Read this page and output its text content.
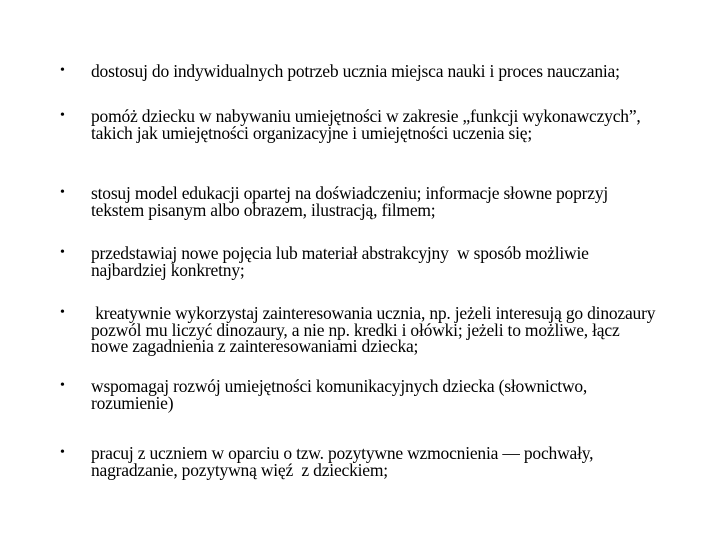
•	dostosuj do indywidualnych potrzeb ucznia miejsca nauki i proces nauczania;
•	pomóż dziecku w nabywaniu umiejętności w zakresie „funkcji wykonawczych”, takich jak umiejętności organizacyjne i umiejętności uczenia się;
•	stosuj model edukacji opartej na doświadczeniu; informacje słowne poprzyj tekstem pisanym albo obrazem, ilustracją, filmem;
•	przedstawiaj nowe pojęcia lub materiał abstrakcyjny  w sposób możliwie najbardziej konkretny;
•	kreatywnie wykorzystaj zainteresowania ucznia, np. jeżeli interesują go dinozaury pozwól mu liczyć dinozaury, a nie np. kredki i ołówki; jeżeli to możliwe, łącz nowe zagadnienia z zainteresowaniami dziecka;
•	wspomagaj rozwój umiejętności komunikacyjnych dziecka (słownictwo, rozumienie)
•	pracuj z uczniem w oparciu o tzw. pozytywne wzmocnienia — pochwały, nagradzanie, pozytywną więź  z dzieckiem;
